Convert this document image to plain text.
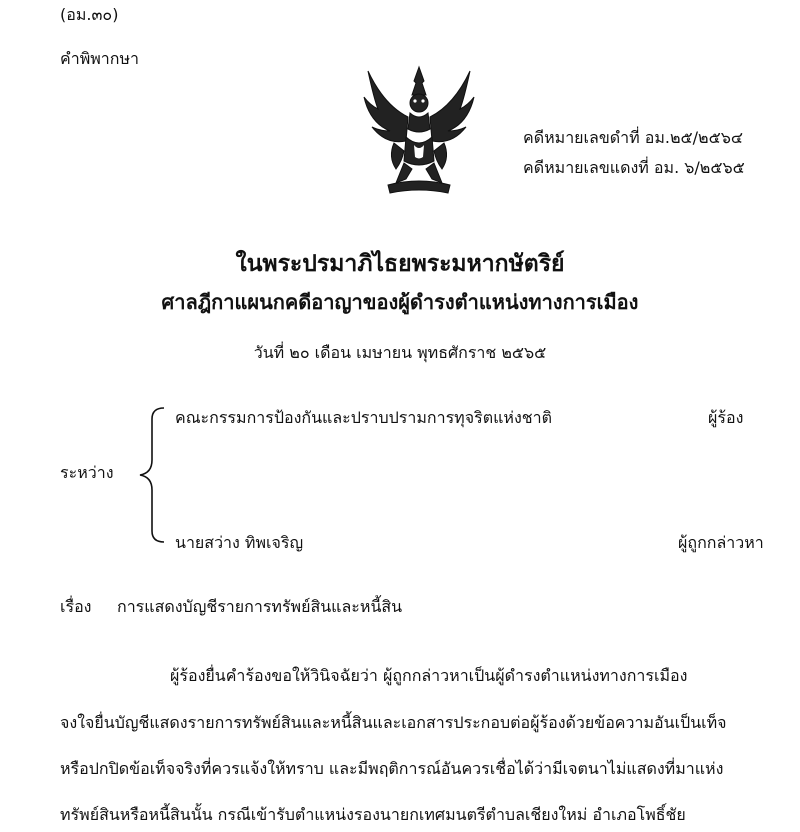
(อม.๓๐)
คำพิพากษา
คดีหมายเลขดำที่ อม.๒๕/๒๕๖๔
คดีหมายเลขแดงที่ อม. ๖/๒๕๖๕
ในพระปรมาภิไธยพระมหากษัตริย์
ศาลฎีกาแผนกคดีอาญาของผู้ดำรงตำแหน่งทางการเมือง
วันที่ ๒๐ เดือน เมษายน พุทธศักราช ๒๕๖๕
คณะกรรมการป้องกันและปราบปรามการทุจริตแห่งชาติ	ผู้ร้อง
ระหว่าง
นายสว่าง ทิพเจริญ	ผู้ถูกกล่าวหา
เรื่อง การแสดงบัญชีรายการทรัพย์สินและหนี้สิน
ผู้ร้องยื่นคำร้องขอให้วินิจฉัยว่า ผู้ถูกกล่าวหาเป็นผู้ดำรงตำแหน่งทางการเมือง
จงใจยื่นบัญชีแสดงรายการทรัพย์สินและหนี้สินและเอกสารประกอบต่อผู้ร้องด้วยข้อความอันเป็นเท็จ
หรือปกปิดข้อเท็จจริงที่ควรแจ้งให้ทราบ และมีพฤติการณ์อันควรเชื่อได้ว่ามีเจตนาไม่แสดงที่มาแห่ง
ทรัพย์สินหรือหนี้สินนั้น กรณีเข้ารับตำแหน่งรองนายกเทศมนตรีตำบลเชียงใหม่ อำเภอโพธิ์ชัย
